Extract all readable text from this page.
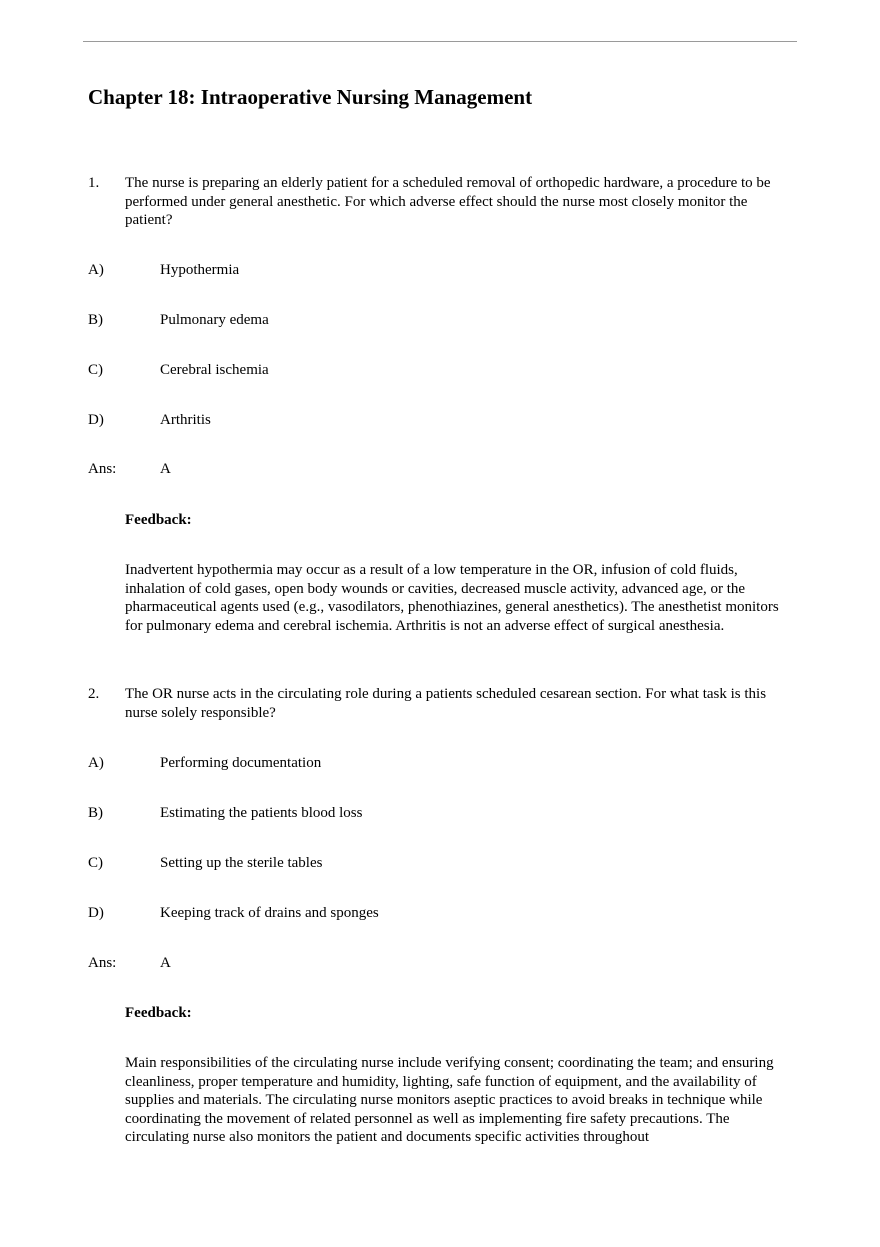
Chapter 18: Intraoperative Nursing Management
1. The nurse is preparing an elderly patient for a scheduled removal of orthopedic hardware, a procedure to be performed under general anesthetic. For which adverse effect should the nurse most closely monitor the patient?

A)	Hypothermia
B)	Pulmonary edema
C)	Cerebral ischemia
D)	Arthritis
Ans:	A
Feedback:

Inadvertent hypothermia may occur as a result of a low temperature in the OR, infusion of cold fluids, inhalation of cold gases, open body wounds or cavities, decreased muscle activity, advanced age, or the pharmaceutical agents used (e.g., vasodilators, phenothiazines, general anesthetics). The anesthetist monitors for pulmonary edema and cerebral ischemia. Arthritis is not an adverse effect of surgical anesthesia.

2. The OR nurse acts in the circulating role during a patients scheduled cesarean section. For what task is this nurse solely responsible?

A)	Performing documentation
B)	Estimating the patients blood loss
C)	Setting up the sterile tables
D)	Keeping track of drains and sponges
Ans:	A
Feedback:

Main responsibilities of the circulating nurse include verifying consent; coordinating the team; and ensuring cleanliness, proper temperature and humidity, lighting, safe function of equipment, and the availability of supplies and materials. The circulating nurse monitors aseptic practices to avoid breaks in technique while coordinating the movement of related personnel as well as implementing fire safety precautions. The circulating nurse also monitors the patient and documents specific activities throughout
